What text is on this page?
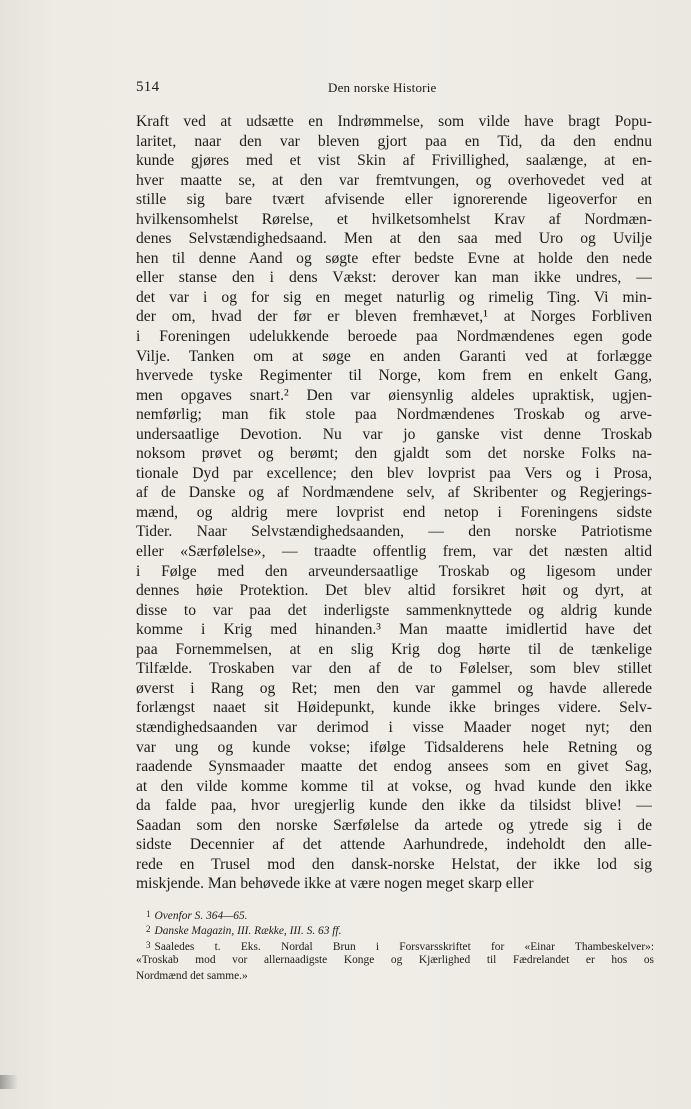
514	Den norske Historie
Kraft ved at udsætte en Indrømmelse, som vilde have bragt Popu-
laritet, naar den var bleven gjort paa en Tid, da den endnu
kunde gjøres med et vist Skin af Frivillighed, saalænge, at en-
hver maatte se, at den var fremtvungen, og overhovedet ved at
stille sig bare tvært afvisende eller ignorerende ligeoverfor en
hvilkensomhelst Rørelse, et hvilketsomhelst Krav af Nordmæn-
denes Selvstændighedsaand. Men at den saa med Uro og Uvilje
hen til denne Aand og søgte efter bedste Evne at holde den nede
eller stanse den i dens Vækst: derover kan man ikke undres, —
det var i og for sig en meget naturlig og rimelig Ting. Vi min-
der om, hvad der før er bleven fremhævet,¹ at Norges Forbliven
i Foreningen udelukkende beroede paa Nordmændenes egen gode
Vilje. Tanken om at søge en anden Garanti ved at forlægge
hvervede tyske Regimenter til Norge, kom frem en enkelt Gang,
men opgaves snart.² Den var øiensynlig aldeles upraktisk, ugjen-
nemførlig; man fik stole paa Nordmændenes Troskab og arve-
undersaatlige Devotion. Nu var jo ganske vist denne Troskab
noksom prøvet og berømt; den gjaldt som det norske Folks na-
tionale Dyd par excellence; den blev lovprist paa Vers og i Prosa,
af de Danske og af Nordmændene selv, af Skribenter og Regjerings-
mænd, og aldrig mere lovprist end netop i Foreningens sidste
Tider. Naar Selvstændighedsaanden, — den norske Patriotisme
eller «Særfølelse», — traadte offentlig frem, var det næsten altid
i Følge med den arveundersaatlige Troskab og ligesom under
dennes høie Protektion. Det blev altid forsikret høit og dyrt, at
disse to var paa det inderligste sammenknyttede og aldrig kunde
komme i Krig med hinanden.³ Man maatte imidlertid have det
paa Fornemmelsen, at en slig Krig dog hørte til de tænkelige
Tilfælde. Troskaben var den af de to Følelser, som blev stillet
øverst i Rang og Ret; men den var gammel og havde allerede
forlængst naaet sit Høidepunkt, kunde ikke bringes videre. Selv-
stændighedsaanden var derimod i visse Maader noget nyt; den
var ung og kunde vokse; ifølge Tidsalderens hele Retning og
raadende Synsmaader maatte det endog ansees som en givet Sag,
at den vilde komme komme til at vokse, og hvad kunde den ikke
da falde paa, hvor uregjerlig kunde den ikke da tilsidst blive! —
Saadan som den norske Særfølelse da artede og ytrede sig i de
sidste Decennier af det attende Aarhundrede, indeholdt den alle-
rede en Trusel mod den dansk-norske Helstat, der ikke lod sig
miskjende. Man behøvede ikke at være nogen meget skarp eller
1 Ovenfor S. 364—65.
2 Danske Magazin, III. Række, III. S. 63 ff.
3 Saaledes t. Eks. Nordal Brun i Forsvarsskriftet for «Einar Thambeskelver»:
«Troskab mod vor allernaadigste Konge og Kjærlighed til Fædrelandet er hos os
Nordmænd det samme.»
